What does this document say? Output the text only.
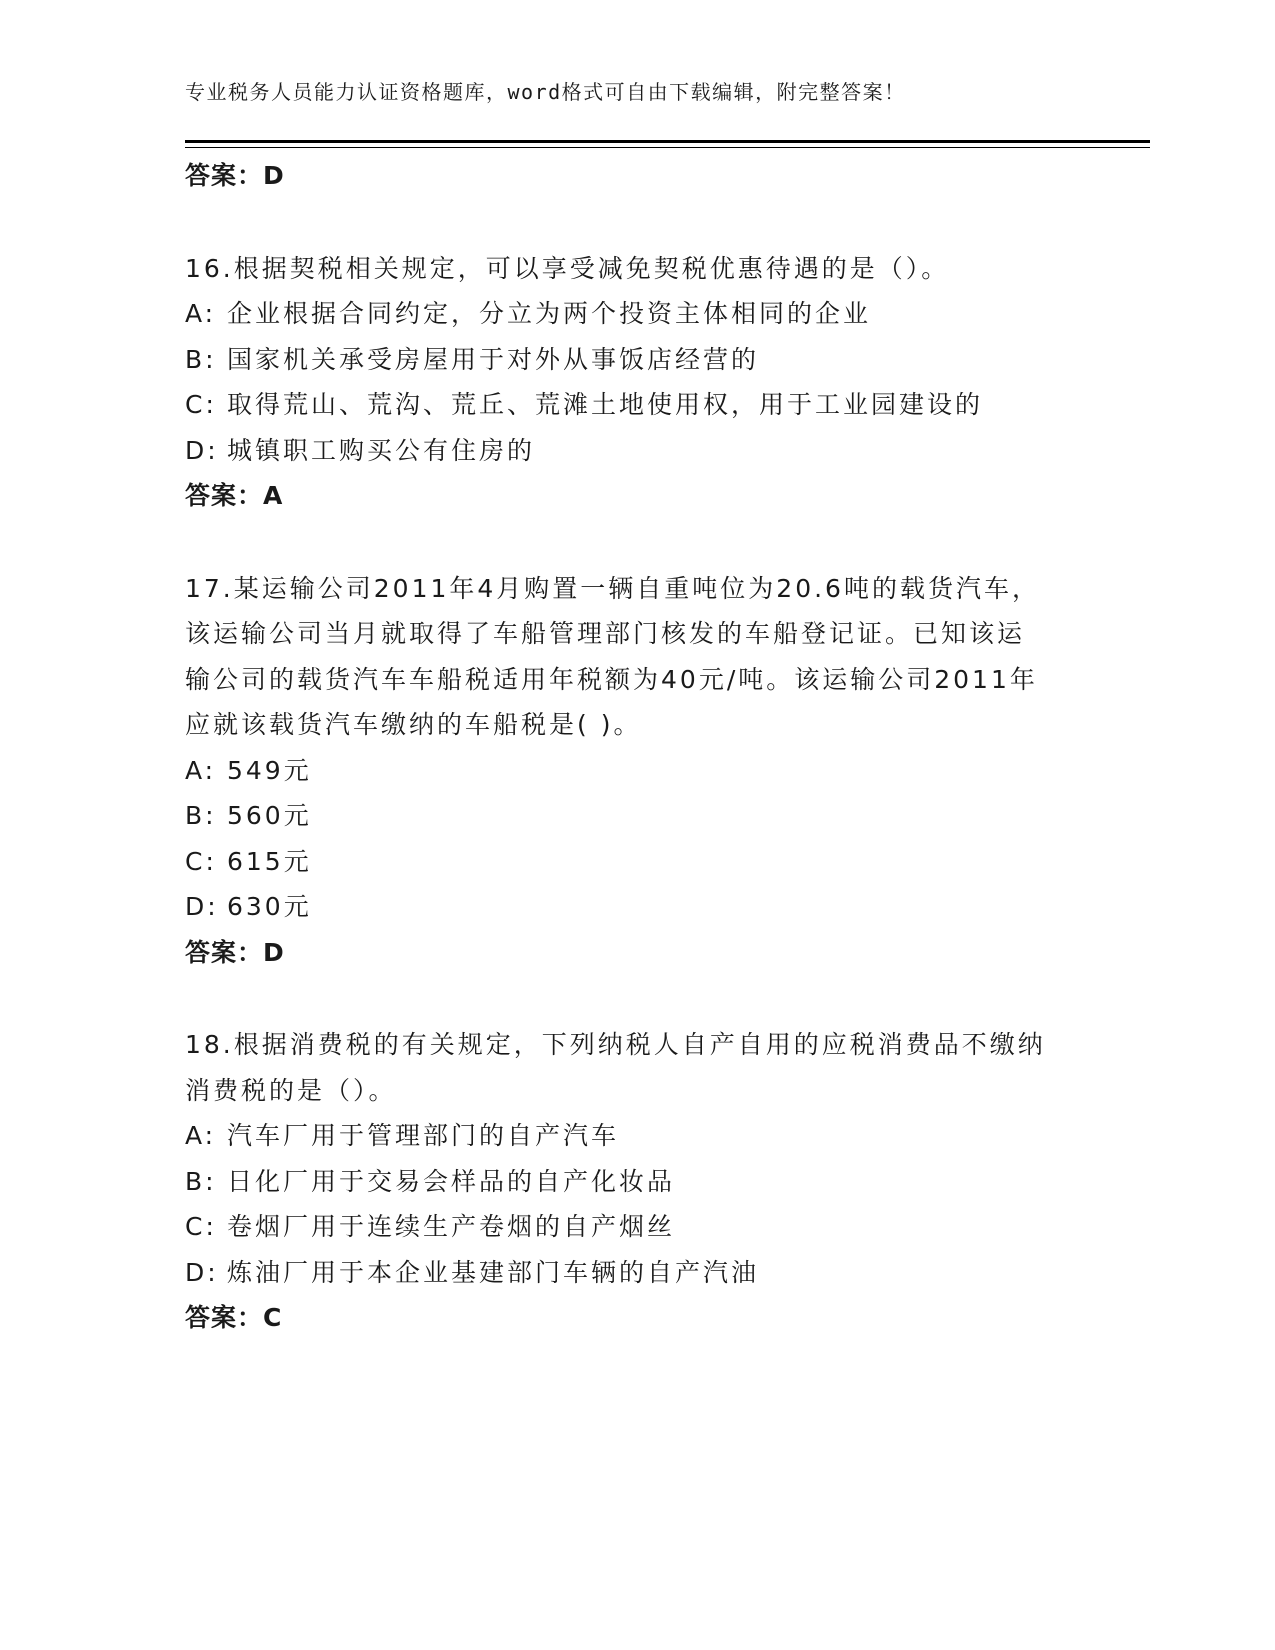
专业税务人员能力认证资格题库，word格式可自由下载编辑，附完整答案！
答案：D
16.根据契税相关规定，可以享受减免契税优惠待遇的是（）。
A: 企业根据合同约定，分立为两个投资主体相同的企业
B: 国家机关承受房屋用于对外从事饭店经营的
C: 取得荒山、荒沟、荒丘、荒滩土地使用权，用于工业园建设的
D: 城镇职工购买公有住房的
答案：A
17.某运输公司2011年4月购置一辆自重吨位为20.6吨的载货汽车，
该运输公司当月就取得了车船管理部门核发的车船登记证。已知该运
输公司的载货汽车车船税适用年税额为40元/吨。该运输公司2011年
应就该载货汽车缴纳的车船税是( )。
A: 549元
B: 560元
C: 615元
D: 630元
答案：D
18.根据消费税的有关规定，下列纳税人自产自用的应税消费品不缴纳
消费税的是（）。
A: 汽车厂用于管理部门的自产汽车
B: 日化厂用于交易会样品的自产化妆品
C: 卷烟厂用于连续生产卷烟的自产烟丝
D: 炼油厂用于本企业基建部门车辆的自产汽油
答案：C
